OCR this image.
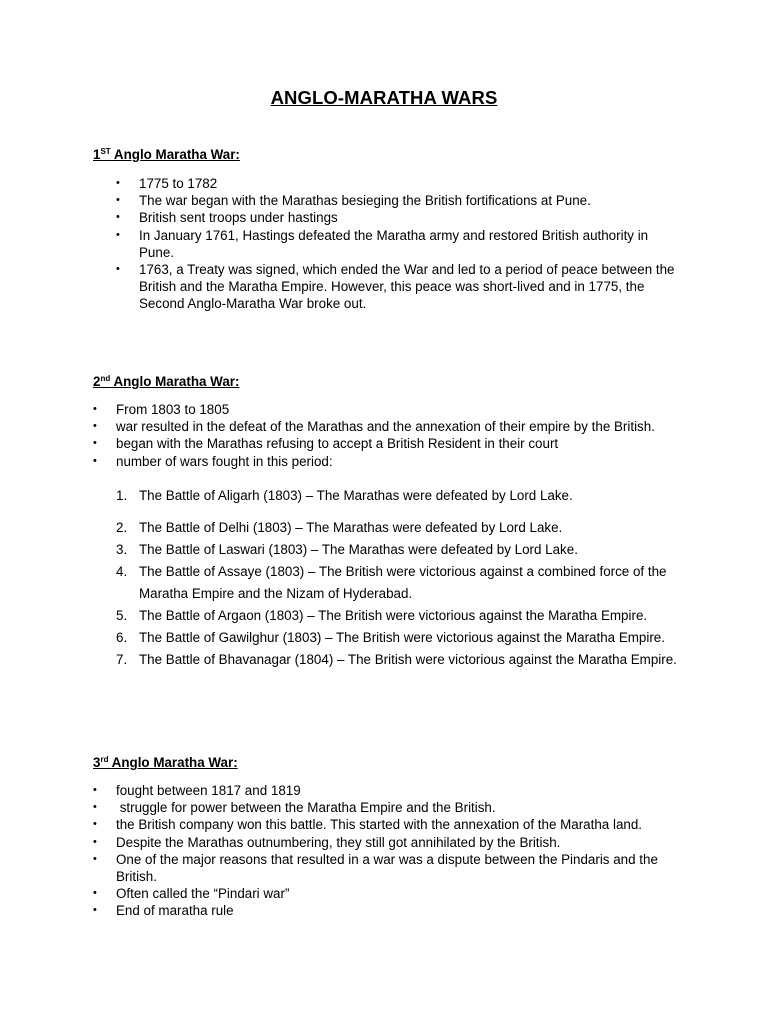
ANGLO-MARATHA WARS

1ST Anglo Maratha War:

• 1775 to 1782
• The war began with the Marathas besieging the British fortifications at Pune.
• British sent troops under hastings
• In January 1761, Hastings defeated the Maratha army and restored British authority in Pune.
• 1763, a Treaty was signed, which ended the War and led to a period of peace between the British and the Maratha Empire. However, this peace was short-lived and in 1775, the Second Anglo-Maratha War broke out.

2nd Anglo Maratha War:

• From 1803 to 1805
• war resulted in the defeat of the Marathas and the annexation of their empire by the British.
• began with the Marathas refusing to accept a British Resident in their court
• number of wars fought in this period:
1. The Battle of Aligarh (1803) – The Marathas were defeated by Lord Lake.
2. The Battle of Delhi (1803) – The Marathas were defeated by Lord Lake.
3. The Battle of Laswari (1803) – The Marathas were defeated by Lord Lake.
4. The Battle of Assaye (1803) – The British were victorious against a combined force of the Maratha Empire and the Nizam of Hyderabad.
5. The Battle of Argaon (1803) – The British were victorious against the Maratha Empire.
6. The Battle of Gawilghur (1803) – The British were victorious against the Maratha Empire.
7. The Battle of Bhavanagar (1804) – The British were victorious against the Maratha Empire.

3rd Anglo Maratha War:

• fought between 1817 and 1819
• struggle for power between the Maratha Empire and the British.
• the British company won this battle. This started with the annexation of the Maratha land.
• Despite the Marathas outnumbering, they still got annihilated by the British.
• One of the major reasons that resulted in a war was a dispute between the Pindaris and the British.
• Often called the “Pindari war”
• End of maratha rule
